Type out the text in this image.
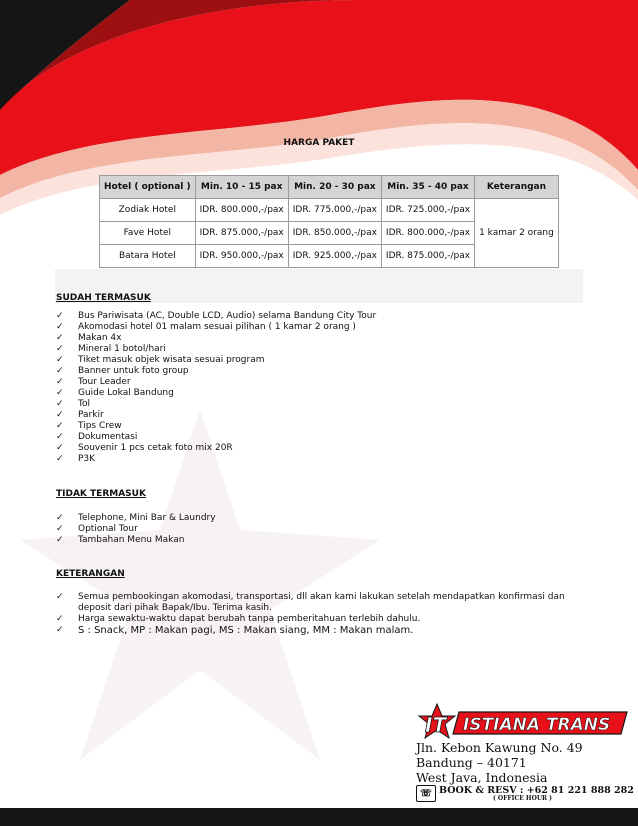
HARGA PAKET
Hotel ( optional )	Min. 10 - 15 pax	Min. 20 - 30 pax	Min. 35 - 40 pax	Keterangan
Zodiak Hotel	IDR. 800.000,-/pax	IDR. 775.000,-/pax	IDR. 725.000,-/pax	1 kamar 2 orang
Fave Hotel	IDR. 875.000,-/pax	IDR. 850.000,-/pax	IDR. 800.000,-/pax	
Batara Hotel	IDR. 950.000,-/pax	IDR. 925.000,-/pax	IDR. 875.000,-/pax	
SUDAH TERMASUK
✓ Bus Pariwisata (AC, Double LCD, Audio) selama Bandung City Tour
✓ Akomodasi hotel 01 malam sesuai pilihan ( 1 kamar 2 orang )
✓ Makan 4x
✓ Mineral 1 botol/hari
✓ Tiket masuk objek wisata sesuai program
✓ Banner untuk foto group
✓ Tour Leader
✓ Guide Lokal Bandung
✓ Tol
✓ Parkir
✓ Tips Crew
✓ Dokumentasi
✓ Souvenir 1 pcs cetak foto mix 20R
✓ P3K
TIDAK TERMASUK
✓ Telephone, Mini Bar & Laundry
✓ Optional Tour
✓ Tambahan Menu Makan
KETERANGAN
✓ Semua pembookingan akomodasi, transportasi, dll akan kami lakukan setelah mendapatkan konfirmasi dan deposit dari pihak Bapak/Ibu. Terima kasih.
✓ Harga sewaktu-waktu dapat berubah tanpa pemberitahuan terlebih dahulu.
✓ S : Snack, MP : Makan pagi, MS : Makan siang, MM : Makan malam.
IT ISTIANA TRANS
Jln. Kebon Kawung No. 49
Bandung – 40171
West Java, Indonesia
☏ BOOK & RESV : +62 81 221 888 282
( OFFICE HOUR )
